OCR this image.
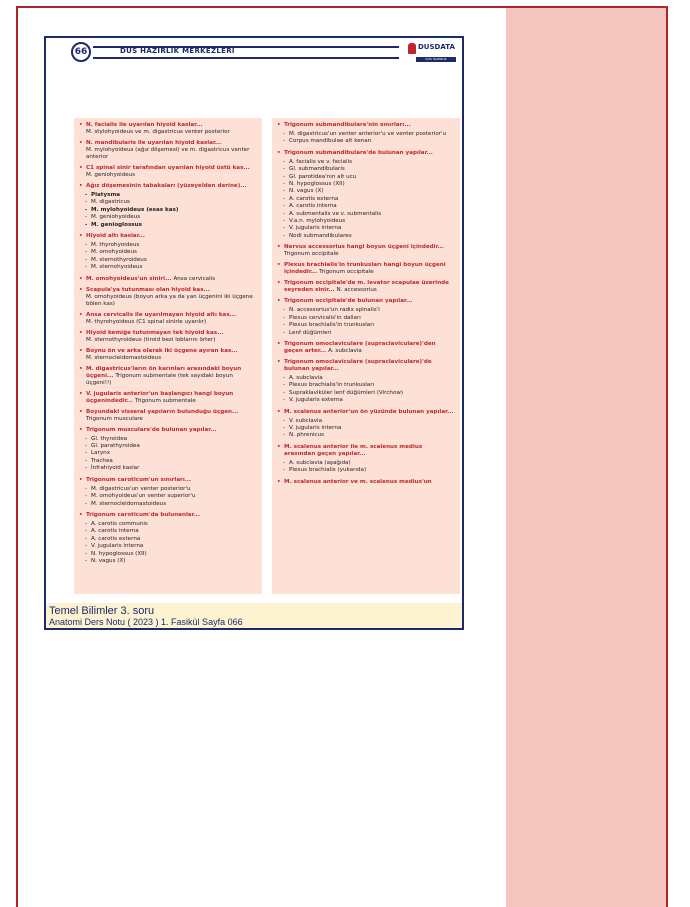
66	DUS HAZIRLIK MERKEZLERİ	DUSDATA
DUS HAZIRLIK MERKEZLERİ
• N. facialis ile uyarılan hiyoid kaslar...
M. stylohyoideus ve m. digastricus venter posterior
• N. mandibularis ile uyarılan hiyoid kaslar...
M. mylohyoideus (ağız döşemesi) ve m. digastricus venter anterior
• C1 spinal sinir tarafından uyarılan hiyoid üstü kas...
M. geniohyoideus
• Ağız döşemesinin tabakaları (yüzeyelden derine)...
- Platysma
- M. digastricus
- M. mylohyoideus (esas kas)
- M. geniohyoideus
- M. genioglossus
• Hiyoid altı kaslar...
- M. thyrohyoideus
- M. omohyoideus
- M. sternothyroideus
- M. sternohyoideus
• M. omohyoideus'un siniri... Ansa cervicalis
• Scapula'ya tutunması olan hiyoid kas...
M. omohyoideus (boyun arka ya da yan üçgenini iki üçgene bölen kas)
• Ansa cervicalis ile uyarılmayan hiyoid altı kas...
M. thyrohyoideus (C1 spinal sinirle uyarılır)
• Hiyoid kemiğe tutunmayan tek hiyoid kas...
M. sternothyroideus (tiroid bezi loblarını örter)
• Boynu ön ve arka olarak iki üçgene ayıran kas...
M. sternocleidomastoideus
• M. digastricus'ların ön karınları arasındaki boyun üçgeni... Trigonum submentale (tek sayıdaki boyun üçgeni!!)
• V. jugularis anterior'un başlangıcı hangi boyun üçgenindedir... Trigonum submentale
• Boyundaki visseral yapıların bulunduğu üçgen...
Trigonum musculare
• Trigonum musculare'de bulunan yapılar...
- Gl. thyroidea
- Gl. parathyroidea
- Larynx
- Trachea
- İnfrahiyoid kaslar
• Trigonum caroticum'un sınırları...
- M. digastricus'un venter posterior'u
- M. omohyoideus'un venter superior'u
- M. sternocleidomastoideus
• Trigonum caroticum'da bulunanlar...
- A. carotis communis
- A. carotis interna
- A. carotis externa
- V. jugularis interna
- N. hypoglossus (XII)
- N. vagus (X)
• Trigonum submandibulare'nin sınırları...
- M. digastricus'un venter anterior'u ve venter posterior'u
- Corpus mandibulae alt kenarı
• Trigonum submandibulare'de bulunan yapılar...
- A. facialis ve v. facialis
- Gl. submandibularis
- Gl. parotidea'nın alt ucu
- N. hypoglossus (XII)
- N. vagus (X)
- A. carotis externa
- A. carotis interna
- A. submentalis ve v. submentalis
- V.a.n. mylohyoideus
- V. jugularis interna
- Nodi submandibulares
• Nervus accessorius hangi boyun üçgeni içindedir...
Trigonum occipitale
• Plexus brachialis'in trunkusları hangi boyun üçgeni içindedir... Trigonum occipitale
• Trigonum occipitale'de m. levator scapulae üzerinde seyreden sinir... N. accessorius
• Trigonum occipitale'de bulunan yapılar...
- N. accessorius'un radix spinalis'i
- Plexus cervicalis'in dalları
- Plexus brachialis'in trunkusları
- Lenf düğümleri
• Trigonum omoclaviculare (supraclaviculare)'den geçen arter... A. subclavia
• Trigonum omoclaviculare (supraclaviculare)'de bulunan yapılar...
- A. subclavia
- Plexus brachialis'in trunkusları
- Supraklaviküler lenf düğümleri (Virchow)
- V. jugularis externa
• M. scalenus anterior'un ön yüzünde bulunan yapılar...
- V. subclavia
- V. jugularis interna
- N. phrenicus
• M. scalenus anterior ile m. scalenus medius arasından geçen yapılar...
- A. subclavia (aşağıda)
- Plexus brachialis (yukarıda)
• M. scalenus anterior ve m. scalenus medius'un
Temel Bilimler 3. soru
Anatomi Ders Notu ( 2023 ) 1. Fasikül Sayfa 066
